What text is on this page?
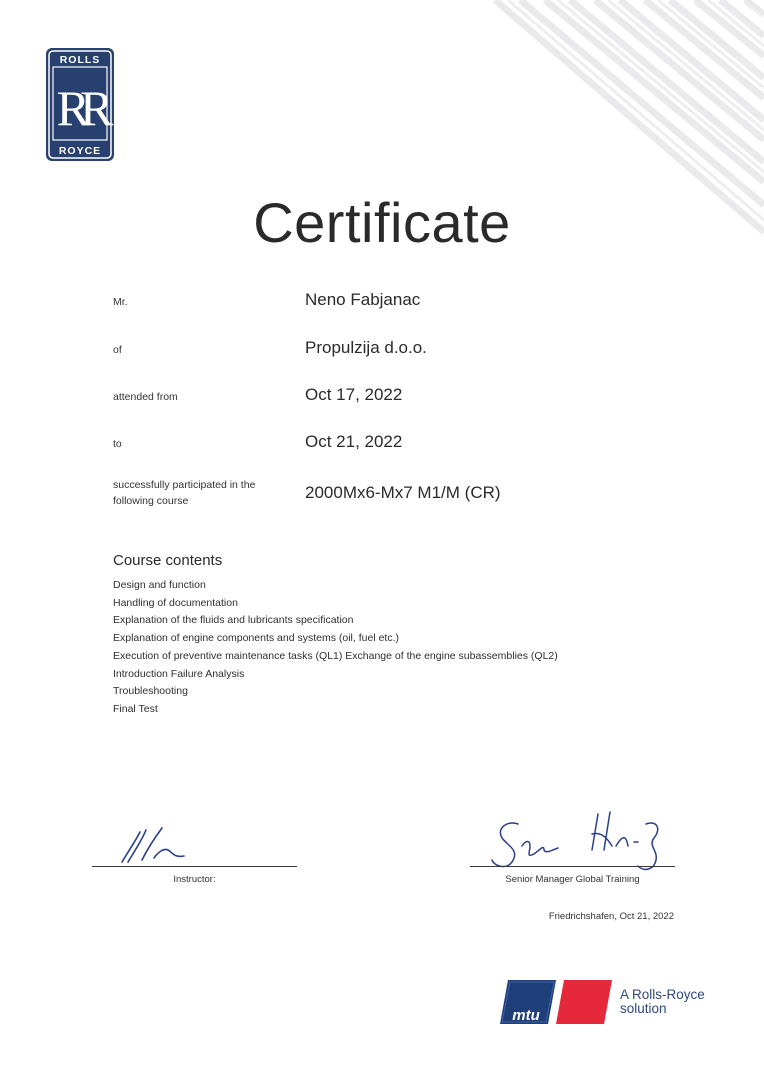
ROLLS
RR
ROYCE
Certificate
Mr.	Neno Fabjanac
of	Propulzija d.o.o.
attended from	Oct 17, 2022
to	Oct 21, 2022
successfully participated in the
following course	2000Mx6-Mx7 M1/M (CR)
Course contents
Design and function
Handling of documentation
Explanation of the fluids and lubricants specification
Explanation of engine components and systems (oil, fuel etc.)
Execution of preventive maintenance tasks (QL1) Exchange of the engine subassemblies (QL2)
Introduction Failure Analysis
Troubleshooting
Final Test
Instructor:	Senior Manager Global Training
Friedrichshafen, Oct 21, 2022
mtu
A Rolls-Royce
solution
